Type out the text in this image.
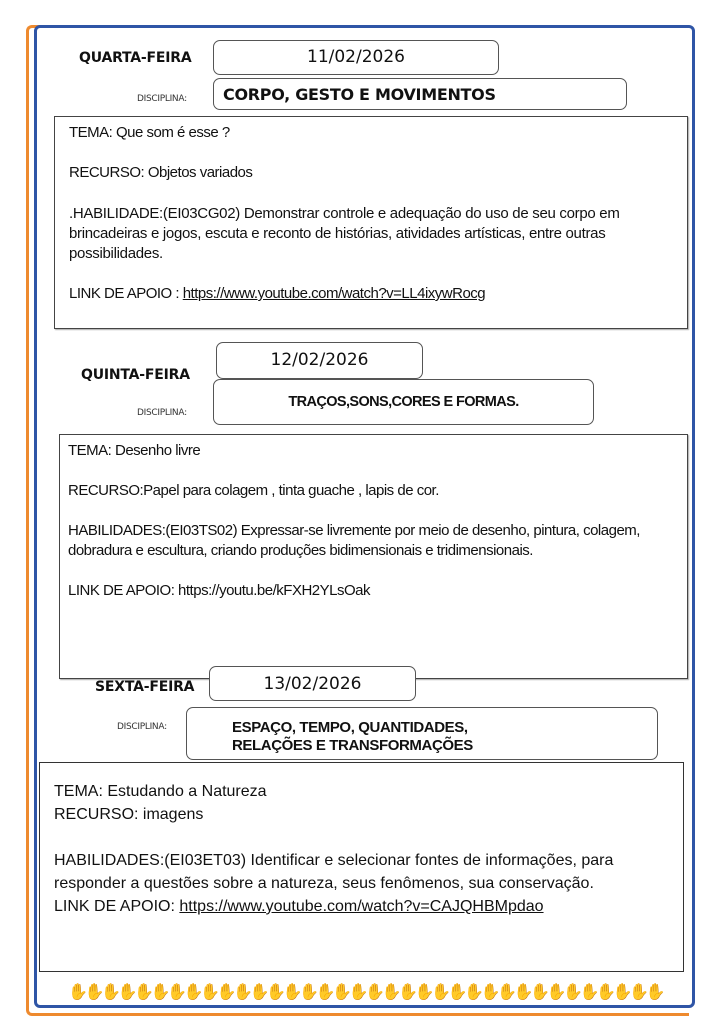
QUARTA-FEIRA	11/02/2026
DISCIPLINA: CORPO, GESTO E MOVIMENTOS

TEMA: Que som é esse ?

RECURSO: Objetos variados

.HABILIDADE:(EI03CG02) Demonstrar controle e adequação do uso de seu corpo em brincadeiras e jogos, escuta e reconto de histórias, atividades artísticas, entre outras possibilidades.

LINK DE APOIO : https://www.youtube.com/watch?v=LL4ixywRocg

12/02/2026
QUINTA-FEIRA
TRAÇOS,SONS,CORES E FORMAS.
DISCIPLINA:

TEMA: Desenho livre

RECURSO:Papel para colagem , tinta guache , lapis de cor.

HABILIDADES:(EI03TS02) Expressar-se livremente por meio de desenho, pintura, colagem, dobradura e escultura, criando produções bidimensionais e tridimensionais.

LINK DE APOIO: https://youtu.be/kFXH2YLsOak

SEXTA-FEIRA	13/02/2026
DISCIPLINA:	ESPAÇO, TEMPO, QUANTIDADES,
RELAÇÕES E TRANSFORMAÇÕES

TEMA: Estudando a Natureza

RECURSO: imagens

HABILIDADES:(EI03ET03) Identificar e selecionar fontes de informações, para responder a questões sobre a natureza, seus fenômenos, sua conservação.

LINK DE APOIO: https://www.youtube.com/watch?v=CAJQHBMpdao

✋
✋
✋
✋
✋
✋
✋
✋
✋
✋
✋
✋
✋
✋
✋
✋
✋
✋
✋
✋
✋
✋
✋
✋
✋
✋
✋
✋
✋
✋
✋
✋
✋
✋
✋
✋
